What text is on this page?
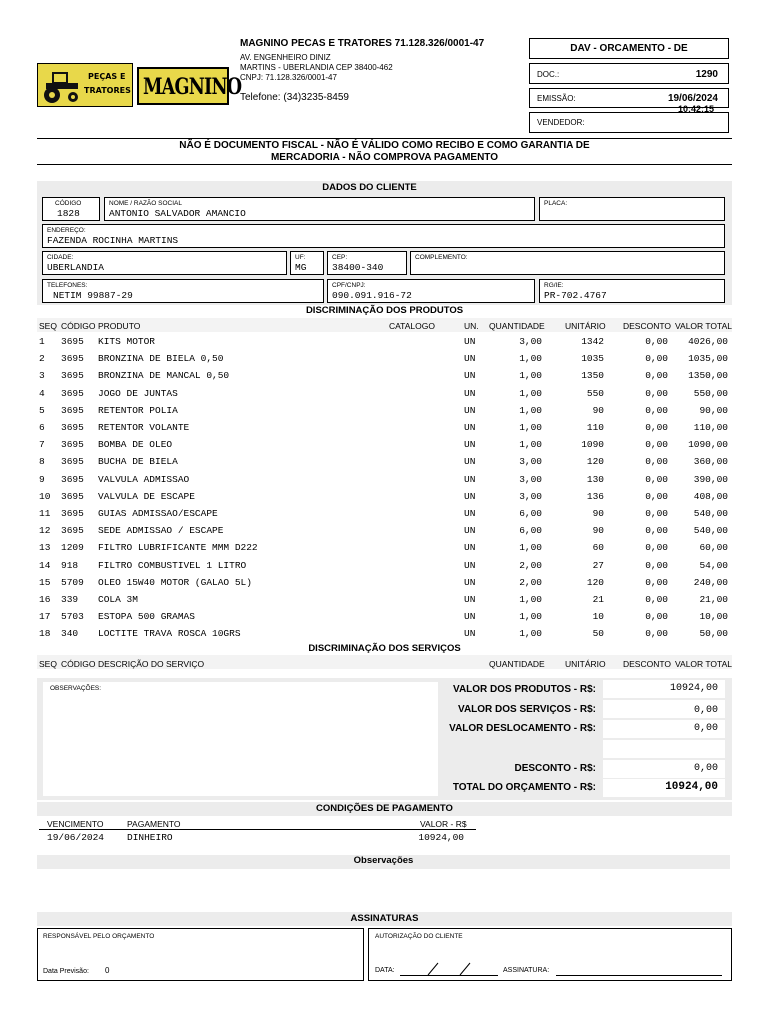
PEÇAS E
TRATORES MAGNINO
MAGNINO PECAS E TRATORES 71.128.326/0001-47
AV. ENGENHEIRO DINIZ
MARTINS - UBERLANDIA CEP 38400-462
CNPJ: 71.128.326/0001-47
Telefone: (34)3235-8459
DAV - ORCAMENTO - DE
DOC.:	1290
EMISSÃO:	19/06/2024
10:42:15
VENDEDOR:
NÃO É DOCUMENTO FISCAL - NÃO É VÁLIDO COMO RECIBO E COMO GARANTIA DE
MERCADORIA - NÃO COMPROVA PAGAMENTO
DADOS DO CLIENTE
CÓDIGO
1828
NOME / RAZÃO SOCIAL
ANTONIO SALVADOR AMANCIO
PLACA:
ENDEREÇO:
FAZENDA ROCINHA MARTINS
CIDADE:
UBERLANDIA
UF:
MG
CEP:
38400-340
COMPLEMENTO:
TELEFONES:
NETIM 99887-29
CPF/CNPJ:
090.091.916-72
RG/IE:
PR-702.4767
DISCRIMINAÇÃO DOS PRODUTOS
SEQ CÓDIGO PRODUTO	CATALOGO	UN. QUANTIDADE UNITÁRIO DESCONTO VALOR TOTAL
1 3695 KITS MOTOR	UN	3,00	1342	0,00 4026,00
2 3695 BRONZINA DE BIELA 0,50	UN	1,00	1035	0,00 1035,00
3 3695 BRONZINA DE MANCAL 0,50	UN	1,00	1350	0,00 1350,00
4 3695 JOGO DE JUNTAS	UN	1,00	550	0,00	550,00
5 3695 RETENTOR POLIA	UN	1,00	90	0,00	90,00
6 3695 RETENTOR VOLANTE	UN	1,00	110	0,00	110,00
7 3695 BOMBA DE OLEO	UN	1,00	1090	0,00 1090,00
8 3695 BUCHA DE BIELA	UN	3,00	120	0,00	360,00
9 3695 VALVULA ADMISSAO	UN	3,00	130	0,00	390,00
10 3695 VALVULA DE ESCAPE	UN	3,00	136	0,00	408,00
11 3695 GUIAS ADMISSAO/ESCAPE	UN	6,00	90	0,00	540,00
12 3695 SEDE ADMISSAO / ESCAPE	UN	6,00	90	0,00	540,00
13 1209 FILTRO LUBRIFICANTE MMM D222	UN	1,00	60	0,00	60,00
14 918 FILTRO COMBUSTIVEL 1 LITRO	UN	2,00	27	0,00	54,00
15 5709 OLEO 15W40 MOTOR (GALAO 5L)	UN	2,00	120	0,00	240,00
16 339 COLA 3M	UN	1,00	21	0,00	21,00
17 5703 ESTOPA 500 GRAMAS	UN	1,00	10	0,00	10,00
18 340 LOCTITE TRAVA ROSCA 10GRS	UN	1,00	50	0,00	50,00
DISCRIMINAÇÃO DOS SERVIÇOS
SEQ CÓDIGO DESCRIÇÃO DO SERVIÇO	QUANTIDADE UNITÁRIO DESCONTO VALOR TOTAL
OBSERVAÇÕES:	VALOR DOS PRODUTOS - R$:	10924,00
VALOR DOS SERVIÇOS - R$:	0,00
VALOR DESLOCAMENTO - R$:	0,00
DESCONTO - R$:	0,00
TOTAL DO ORÇAMENTO - R$:	10924,00
CONDIÇÕES DE PAGAMENTO
VENCIMENTO	PAGAMENTO	VALOR - R$
19/06/2024 DINHEIRO	10924,00
Observações
ASSINATURAS
RESPONSÁVEL PELO ORÇAMENTO
Data Previsão: 0
AUTORIZAÇÃO DO CLIENTE
DATA:	ASSINATURA:
